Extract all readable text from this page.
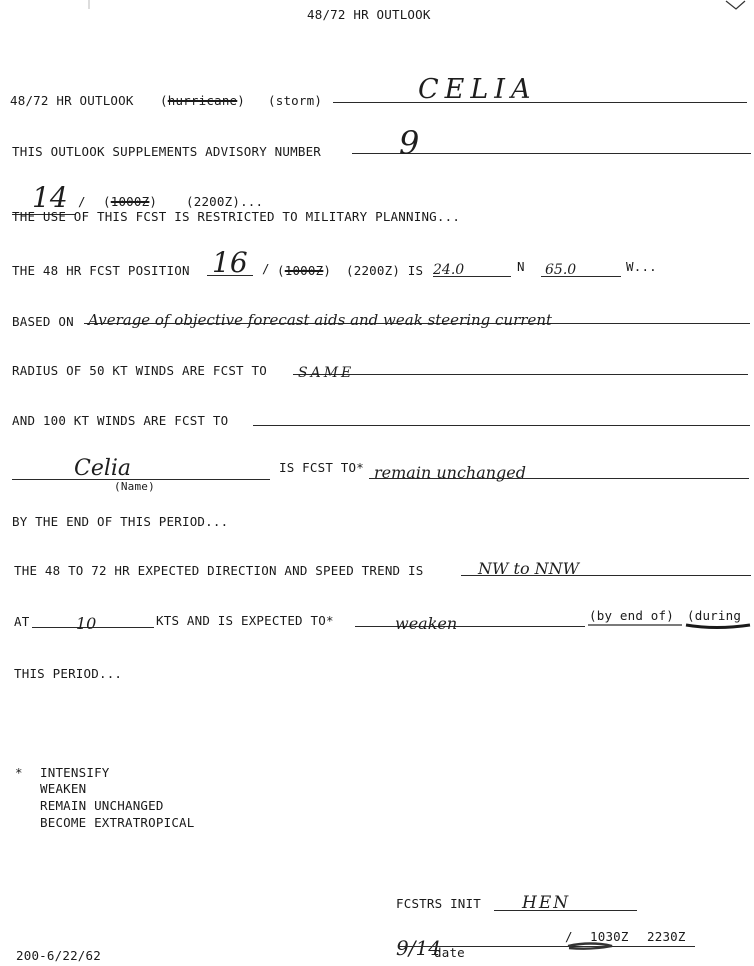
48/72 HR OUTLOOK
48/72 HR OUTLOOK (hurricane) (storm)	CELIA
THIS OUTLOOK SUPPLEMENTS ADVISORY NUMBER 9
14 / (1000Z) (2200Z)...
THE USE OF THIS FCST IS RESTRICTED TO MILITARY PLANNING...
THE 48 HR FCST POSITION 16 / (1000Z) (2200Z) IS 24.0	N 65.0	W...
BASED ON Average of objective forecast aids and weak steering current
RADIUS OF 50 KT WINDS ARE FCST TO SAME
AND 100 KT WINDS ARE FCST TO
Celia
(Name)
IS FCST TO* remain unchanged
BY THE END OF THIS PERIOD...
THE 48 TO 72 HR EXPECTED DIRECTION AND SPEED TREND IS	NW to NNW
AT	10	KTS AND IS EXPECTED TO*	weaken	(by end of) (during
THIS PERIOD...
* INTENSIFY
WEAKEN
REMAIN UNCHANGED
BECOME EXTRATROPICAL
FCSTRS INIT HEN
9/14
date
/ 1030Z 2230Z
200-6/22/62
